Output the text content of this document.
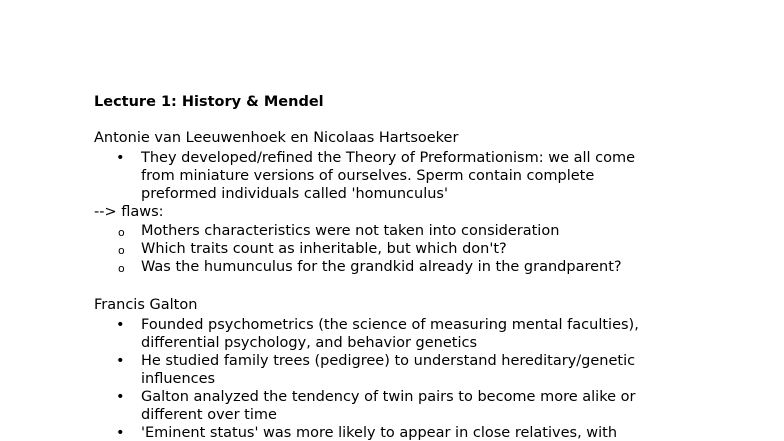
Lecture 1: History & Mendel
Antonie van Leeuwenhoek en Nicolaas Hartsoeker
• They developed/refined the Theory of Preformationism: we all come
from miniature versions of ourselves. Sperm contain complete
preformed individuals called 'homunculus'
--> flaws:
o Mothers characteristics were not taken into consideration
o Which traits count as inheritable, but which don't?
o Was the humunculus for the grandkid already in the grandparent?
Francis Galton
• Founded psychometrics (the science of measuring mental faculties),
differential psychology, and behavior genetics
• He studied family trees (pedigree) to understand hereditary/genetic
influences
• Galton analyzed the tendency of twin pairs to become more alike or
different over time
• 'Eminent status' was more likely to appear in close relatives, with
